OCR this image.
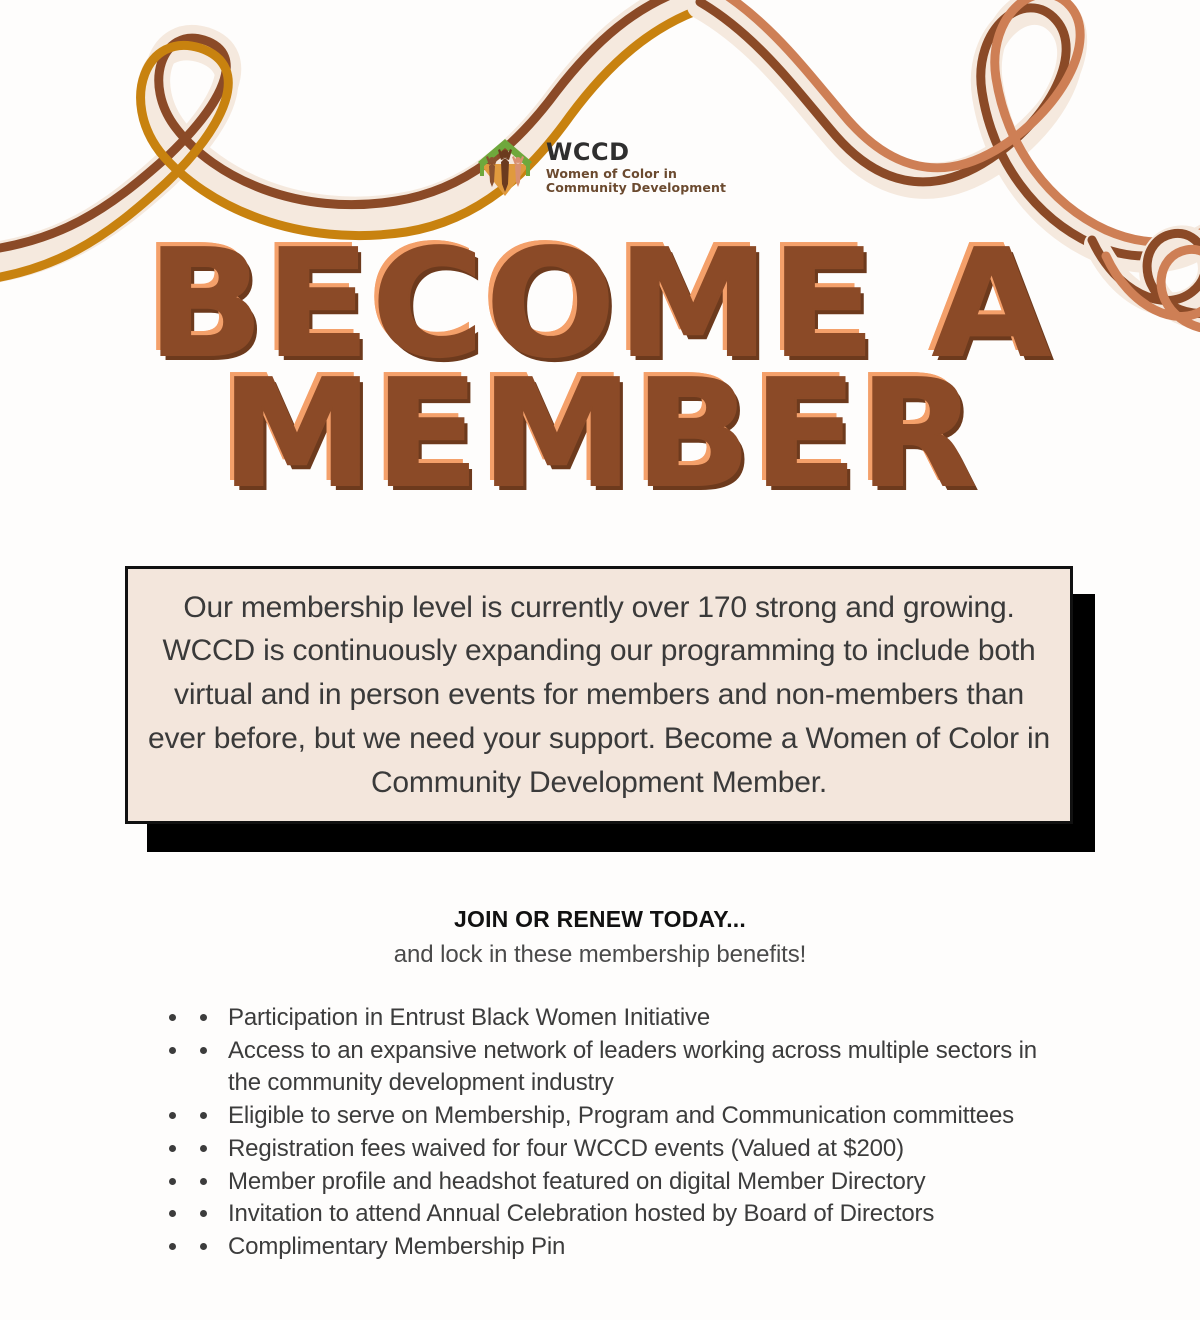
WCCD
Women of Color in
Community Development
BECOME A
MEMBER

Our membership level is currently over 170 strong and growing. WCCD is continuously expanding our programming to include both virtual and in person events for members and non-members than ever before, but we need your support. Become a Women of Color in Community Development Member.

JOIN OR RENEW TODAY...
and lock in these membership benefits!
• Participation in Entrust Black Women Initiative
• Access to an expansive network of leaders working across multiple sectors in the community development industry
• Eligible to serve on Membership, Program and Communication committees
• Registration fees waived for four WCCD events (Valued at $200)
• Member profile and headshot featured on digital Member Directory
• Invitation to attend Annual Celebration hosted by Board of Directors
• Complimentary Membership Pin
